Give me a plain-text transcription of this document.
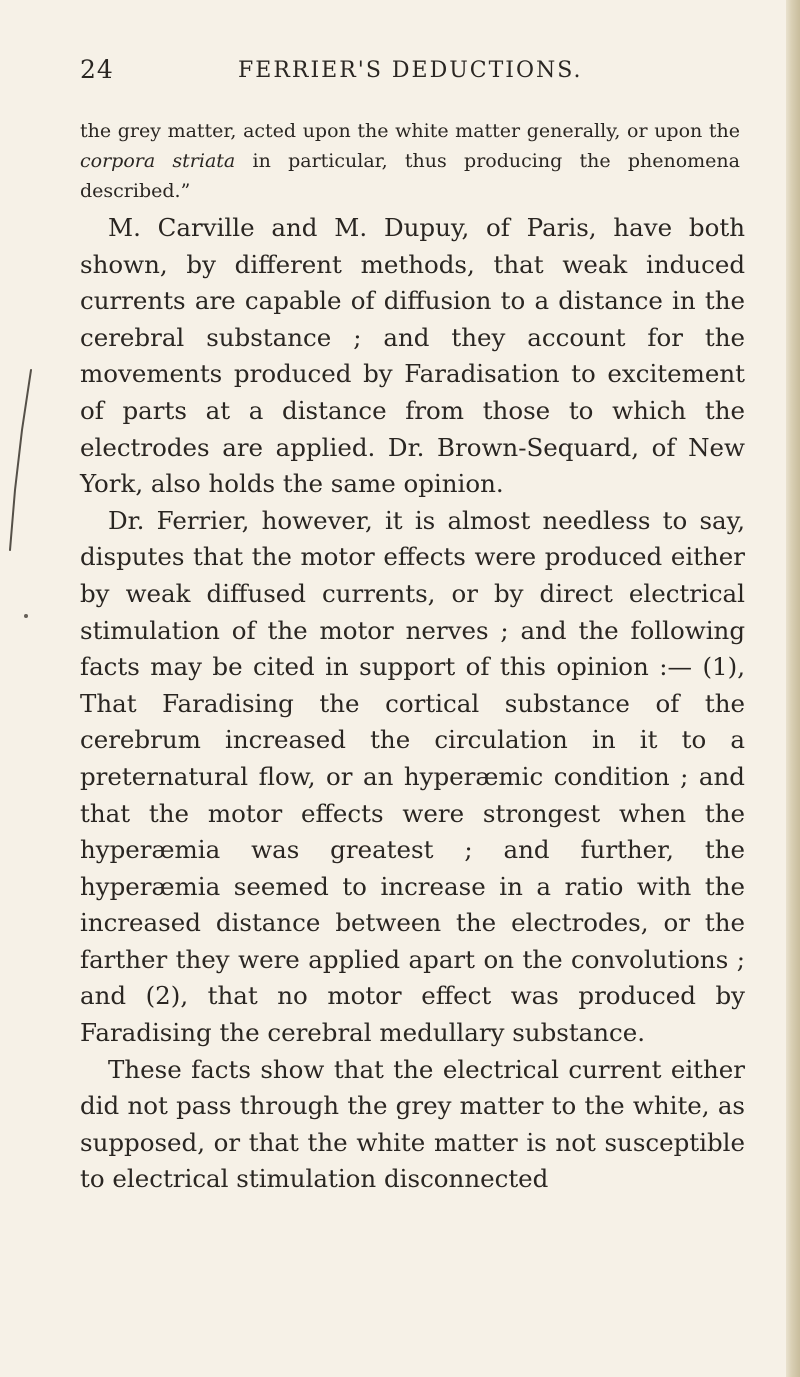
24	FERRIER'S DEDUCTIONS.

the grey matter, acted upon the white matter generally, or upon the corpora striata in particular, thus producing the phenomena described.”

M. Carville and M. Dupuy, of Paris, have both shown, by different methods, that weak induced currents are capable of diffusion to a distance in the cerebral substance ; and they account for the movements produced by Faradisation to excitement of parts at a distance from those to which the electrodes are applied. Dr. Brown-Sequard, of New York, also holds the same opinion.

Dr. Ferrier, however, it is almost needless to say, disputes that the motor effects were produced either by weak diffused currents, or by direct electrical stimulation of the motor nerves ; and the following facts may be cited in support of this opinion :— (1), That Faradising the cortical substance of the cerebrum increased the circulation in it to a preternatural flow, or an hyperæmic condition ; and that the motor effects were strongest when the hyperæmia was greatest ; and further, the hyperæmia seemed to increase in a ratio with the increased distance between the electrodes, or the farther they were applied apart on the convolutions ; and (2), that no motor effect was produced by Faradising the cerebral medullary substance.

These facts show that the electrical current either did not pass through the grey matter to the white, as supposed, or that the white matter is not susceptible to electrical stimulation disconnected
